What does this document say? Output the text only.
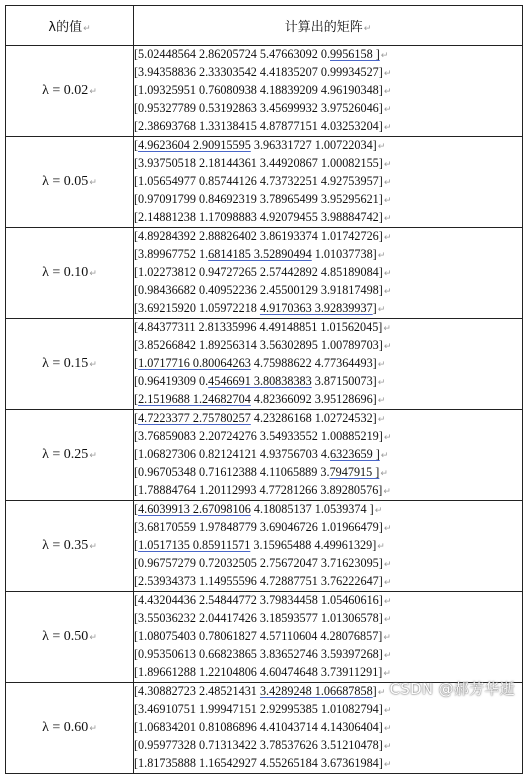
λ的值↵	计算出的矩阵↵
λ = 0.02↵	[5.02448564 2.86205724 5.47663092 0.9956158 ]↵
[3.94358836 2.33303542 4.41835207 0.99934527]↵
[1.09325951 0.76080938 4.18839209 4.96190348]↵
[0.95327789 0.53192863 3.45699932 3.97526046]↵
[2.38693768 1.33138415 4.87877151 4.03253204]↵

λ = 0.05↵	[4.9623604 2.90915595 3.96331727 1.00722034]↵
[3.93750518 2.18144361 3.44920867 1.00082155]↵
[1.05654977 0.85744126 4.73732251 4.92753957]↵
[0.97091799 0.84692319 3.78965499 3.95295621]↵
[2.14881238 1.17098883 4.92079455 3.98884742]↵

λ = 0.10↵	[4.89284392 2.88826402 3.86193374 1.01742726]↵
[3.89967752 1.6814185 3.52890494 1.01037738]↵
[1.02273812 0.94727265 2.57442892 4.85189084]↵
[0.98436682 0.40952236 2.45500129 3.91817498]↵
[3.69215920 1.05972218 4.9170363 3.92839937]↵

λ = 0.15↵	[4.84377311 2.81335996 4.49148851 1.01562045]↵
[3.85266842 1.89256314 3.56302895 1.00789703]↵
[1.0717716 0.80064263 4.75988622 4.77364493]↵
[0.96419309 0.4546691 3.80838383 3.87150073]↵
[2.1519688 1.24682704 4.82366092 3.95128696]↵

λ = 0.25↵	[4.7223377 2.75780257 4.23286168 1.02724532]↵
[3.76859083 2.20724276 3.54933552 1.00885219]↵
[1.06827306 0.82124121 4.93756703 4.6323659 ]↵
[0.96705348 0.71612388 4.11065889 3.7947915 ]↵
[1.78884764 1.20112993 4.77281266 3.89280576]↵

λ = 0.35↵	[4.6039913 2.67098106 4.18085137 1.0539374 ]↵
[3.68170559 1.97848779 3.69046726 1.01966479]↵
[1.0517135 0.85911571 3.15965488 4.49961329]↵
[0.96757279 0.72032505 2.75672047 3.71623095]↵
[2.53934373 1.14955596 4.72887751 3.76222647]↵

λ = 0.50↵	[4.43204436 2.54844772 3.79834458 1.05460616]↵
[3.55036232 2.04417426 3.18593577 1.01306578]↵
[1.08075403 0.78061827 4.57110604 4.28076857]↵
[0.95350613 0.66823865 3.83652746 3.59397268]↵
[1.89661288 1.22104806 4.60474648 3.73911291]↵

λ = 0.60↵	[4.30882723 2.48521431 3.4289248 1.06687858]↵
[3.46910751 1.99947151 2.92995385 1.01082794]↵
[1.06834201 0.81086896 4.41043714 4.14306404]↵
[0.95977328 0.71313422 3.78537626 3.51210478]↵
[1.81735888 1.16542927 4.55265184 3.67361984]↵
CSDN @郝芳华逝
